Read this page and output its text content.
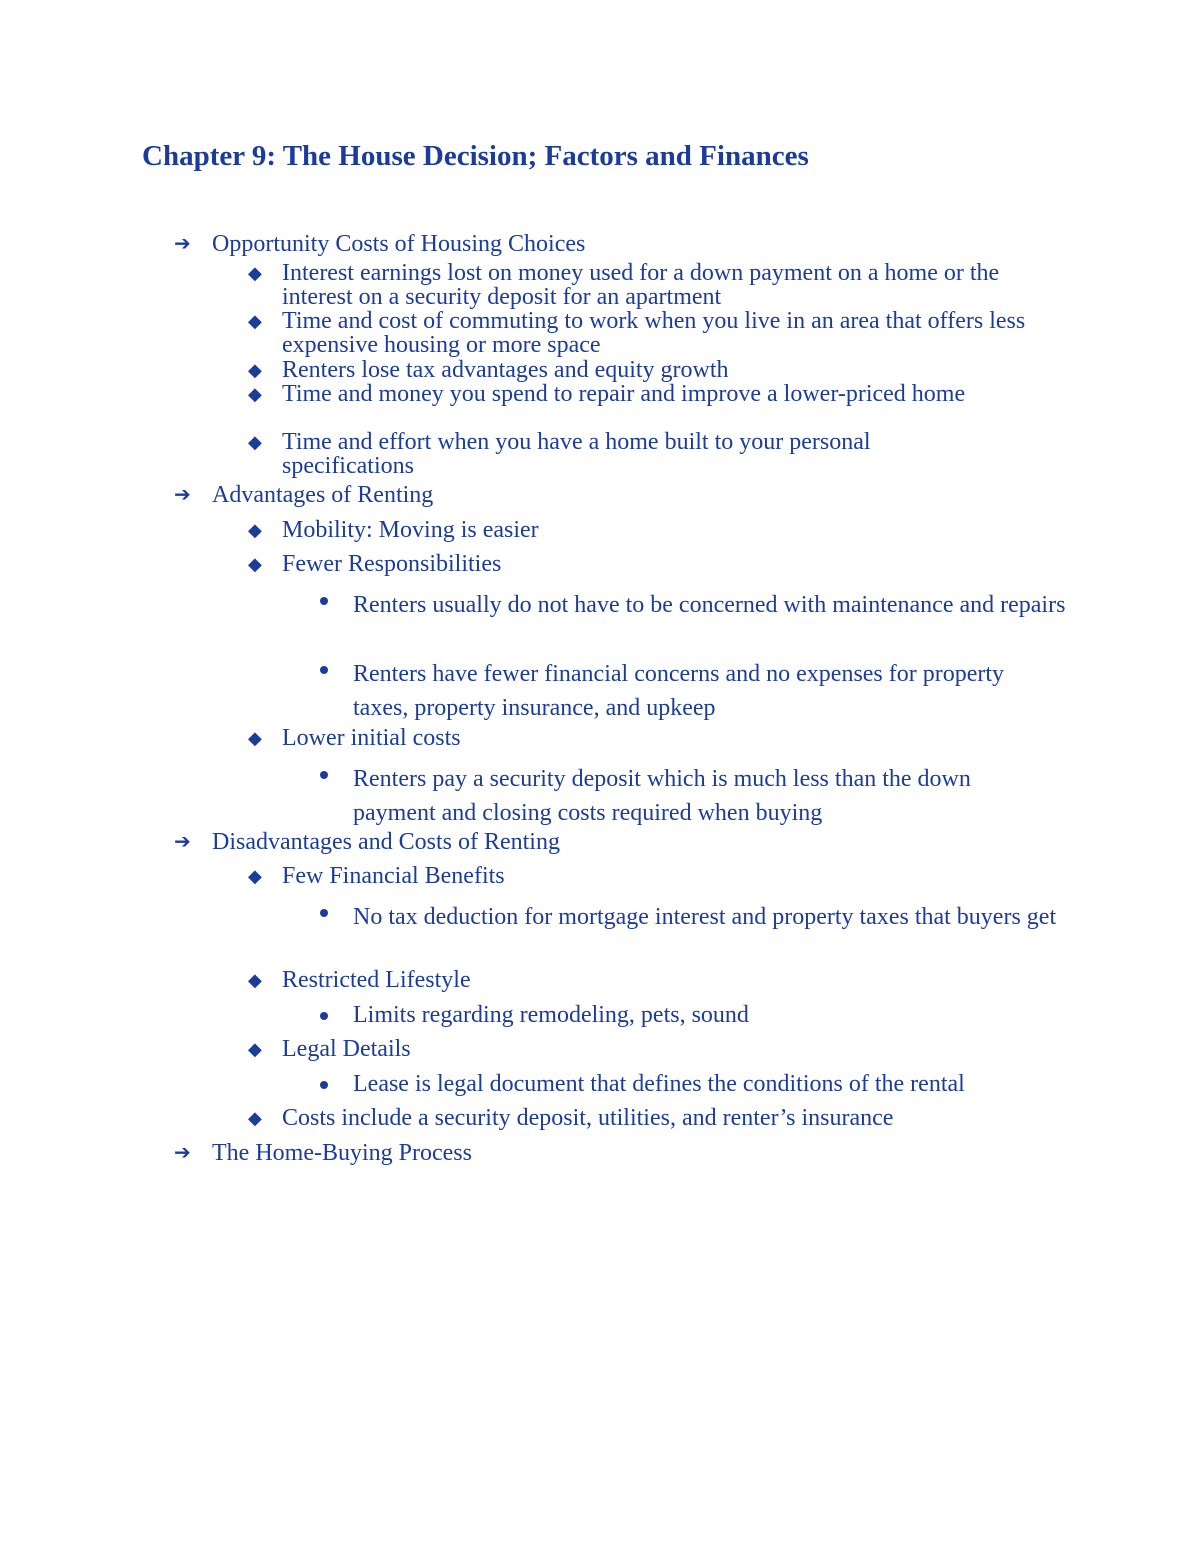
Chapter 9: The House Decision; Factors and Finances
➔ Opportunity Costs of Housing Choices
◆ Interest earnings lost on money used for a down payment on a home or the interest on a security deposit for an apartment
◆ Time and cost of commuting to work when you live in an area that offers less expensive housing or more space
◆ Renters lose tax advantages and equity growth
◆ Time and money you spend to repair and improve a lower-priced home
◆ Time and effort when you have a home built to your personal specifications
➔ Advantages of Renting
◆ Mobility: Moving is easier
◆ Fewer Responsibilities
Renters usually do not have to be concerned with maintenance and repairs
Renters have fewer financial concerns and no expenses for property taxes, property insurance, and upkeep
◆ Lower initial costs
Renters pay a security deposit which is much less than the down payment and closing costs required when buying
➔ Disadvantages and Costs of Renting
◆ Few Financial Benefits
No tax deduction for mortgage interest and property taxes that buyers get
◆ Restricted Lifestyle
Limits regarding remodeling, pets, sound
◆ Legal Details
Lease is legal document that defines the conditions of the rental
◆ Costs include a security deposit, utilities, and renter’s insurance
➔ The Home-Buying Process
